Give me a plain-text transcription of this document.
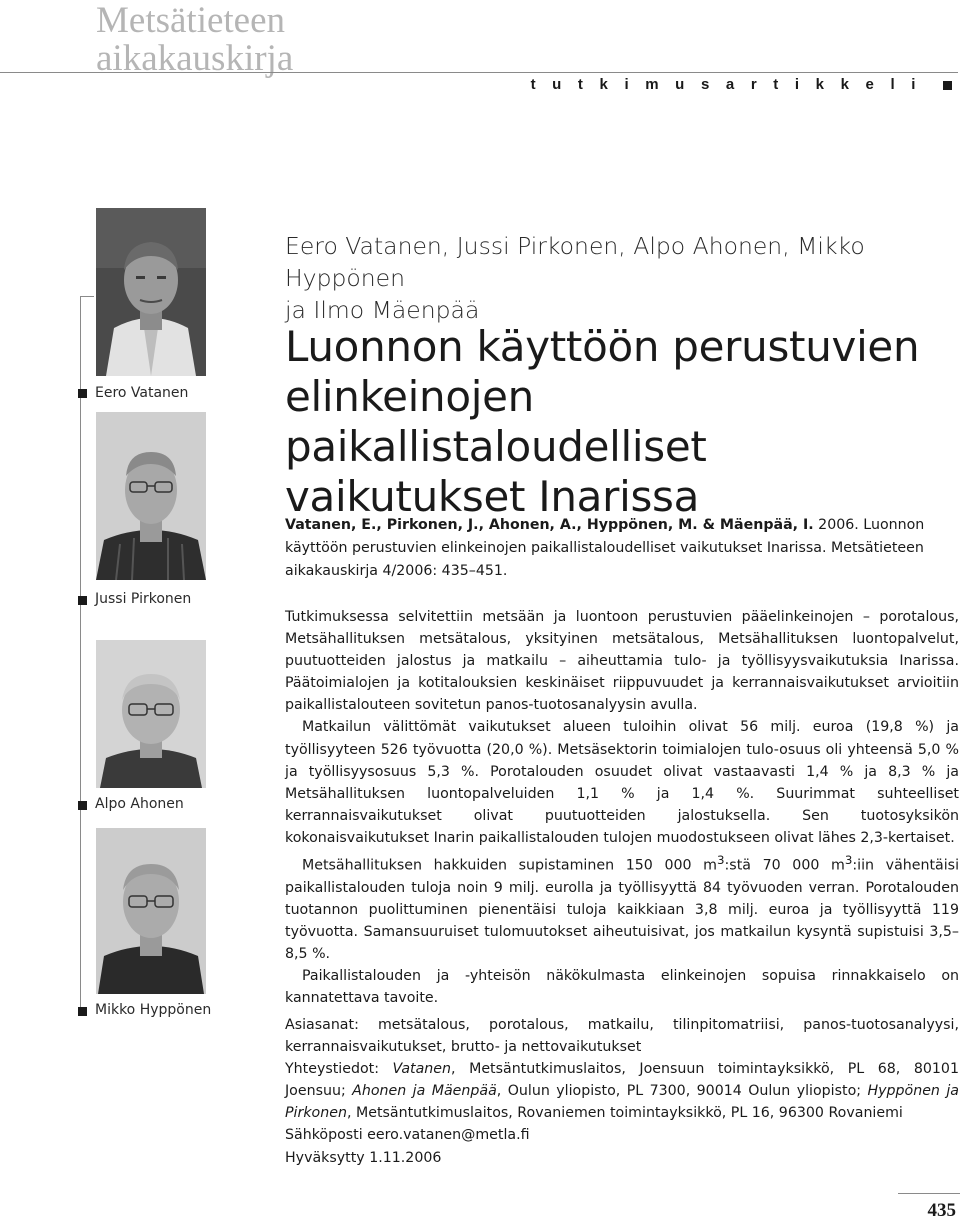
Metsätieteen
aikakauskirja
tutkimusartikkeli
Eero Vatanen
Jussi Pirkonen
Alpo Ahonen
Mikko Hyppönen
Eero Vatanen, Jussi Pirkonen, Alpo Ahonen, Mikko Hyppönen
ja Ilmo Mäenpää
Luonnon käyttöön perustuvien
elinkeinojen paikallistaloudelliset
vaikutukset Inarissa
Vatanen, E., Pirkonen, J., Ahonen, A., Hyppönen, M. & Mäenpää, I. 2006. Luonnon käyttöön perustuvien elinkeinojen paikallistaloudelliset vaikutukset Inarissa. Metsätieteen aikakauskirja 4/2006: 435–451.

Tutkimuksessa selvitettiin metsään ja luontoon perustuvien pääelinkeinojen – porotalous, Metsähallituksen metsätalous, yksityinen metsätalous, Metsähallituksen luontopalvelut, puutuotteiden jalostus ja matkailu – aiheuttamia tulo- ja työllisyysvaikutuksia Inarissa. Päätoimialojen ja kotitalouksien keskinäiset riippuvuudet ja kerrannaisvaikutukset arvioitiin paikallistalouteen sovitetun panos-tuotosanalyysin avulla.

Matkailun välittömät vaikutukset alueen tuloihin olivat 56 milj. euroa (19,8 %) ja työllisyyteen 526 työvuotta (20,0 %). Metsäsektorin toimialojen tulo-osuus oli yhteensä 5,0 % ja työllisyysosuus 5,3 %. Porotalouden osuudet olivat vastaavasti 1,4 % ja 8,3 % ja Metsähallituksen luontopalveluiden 1,1 % ja 1,4 %. Suurimmat suhteelliset kerrannaisvaikutukset olivat puutuotteiden jalostuksella. Sen tuotosyksikön kokonaisvaikutukset Inarin paikallistalouden tulojen muodostukseen olivat lähes 2,3-kertaiset.

Metsähallituksen hakkuiden supistaminen 150 000 $m^3:stä$ 70 000 $m^3:iin$ vähentäisi paikallistalouden tuloja noin 9 milj. eurolla ja työllisyyttä 84 työvuoden verran. Porotalouden tuotannon puolittuminen pienentäisi tuloja kaikkiaan 3,8 milj. euroa ja työllisyyttä 119 työvuotta. Samansuuruiset tulomuutokset aiheutuisivat, jos matkailun kysyntä supistuisi 3,5–8,5 %.

Paikallistalouden ja -yhteisön näkökulmasta elinkeinojen sopuisa rinnakkaiselo on kannatettava tavoite.

Asiasanat: metsätalous, porotalous, matkailu, tilinpitomatriisi, panos-tuotosanalyysi, kerrannaisvaikutukset, brutto- ja nettovaikutukset
Yhteystiedot: Vatanen, Metsäntutkimuslaitos, Joensuun toimintayksikkö, PL 68, 80101 Joensuu; Ahonen ja Mäenpää, Oulun yliopisto, PL 7300, 90014 Oulun yliopisto; Hyppönen ja Pirkonen, Metsäntutkimuslaitos, Rovaniemen toimintayksikkö, PL 16, 96300 Rovaniemi
Sähköposti eero.vatanen@metla.fi
Hyväksytty 1.11.2006
435
